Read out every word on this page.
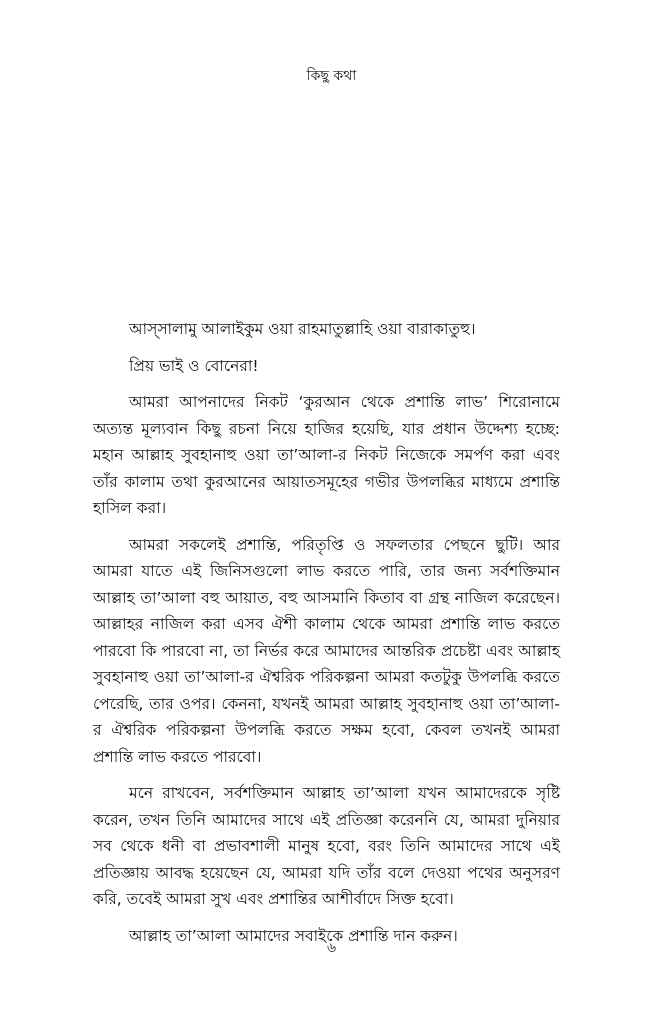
কিছু কথা

আস্সালামু আলাইকুম ওয়া রাহমাতুল্লাহি ওয়া বারাকাতুহু।

প্রিয় ভাই ও বোনেরা!

আমরা আপনাদের নিকট ‘কুরআন থেকে প্রশান্তি লাভ’ শিরোনামে অত্যন্ত মূল্যবান কিছু রচনা নিয়ে হাজির হয়েছি, যার প্রধান উদ্দেশ্য হচ্ছে: মহান আল্লাহ সুবহানাহু ওয়া তা’আলা-র নিকট নিজেকে সমর্পণ করা এবং তাঁর কালাম তথা কুরআনের আয়াতসমূহের গভীর উপলব্ধির মাধ্যমে প্রশান্তি হাসিল করা।

আমরা সকলেই প্রশান্তি, পরিতৃপ্তি ও সফলতার পেছনে ছুটি। আর আমরা যাতে এই জিনিসগুলো লাভ করতে পারি, তার জন্য সর্বশক্তিমান আল্লাহ তা’আলা বহু আয়াত, বহু আসমানি কিতাব বা গ্রন্থ নাজিল করেছেন। আল্লাহর নাজিল করা এসব ঐশী কালাম থেকে আমরা প্রশান্তি লাভ করতে পারবো কি পারবো না, তা নির্ভর করে আমাদের আন্তরিক প্রচেষ্টা এবং আল্লাহ সুবহানাহু ওয়া তা’আলা-র ঐশ্বরিক পরিকল্পনা আমরা কতটুকু উপলব্ধি করতে পেরেছি, তার ওপর। কেননা, যখনই আমরা আল্লাহ সুবহানাহু ওয়া তা’আলা-র ঐশ্বরিক পরিকল্পনা উপলব্ধি করতে সক্ষম হবো, কেবল তখনই আমরা প্রশান্তি লাভ করতে পারবো।

মনে রাখবেন, সর্বশক্তিমান আল্লাহ তা’আলা যখন আমাদেরকে সৃষ্টি করেন, তখন তিনি আমাদের সাথে এই প্রতিজ্ঞা করেননি যে, আমরা দুনিয়ার সব থেকে ধনী বা প্রভাবশালী মানুষ হবো, বরং তিনি আমাদের সাথে এই প্রতিজ্ঞায় আবদ্ধ হয়েছেন যে, আমরা যদি তাঁর বলে দেওয়া পথের অনুসরণ করি, তবেই আমরা সুখ এবং প্রশান্তির আশীর্বাদে সিক্ত হবো।

আল্লাহ তা’আলা আমাদের সবাইকে প্রশান্তি দান করুন।

৬
